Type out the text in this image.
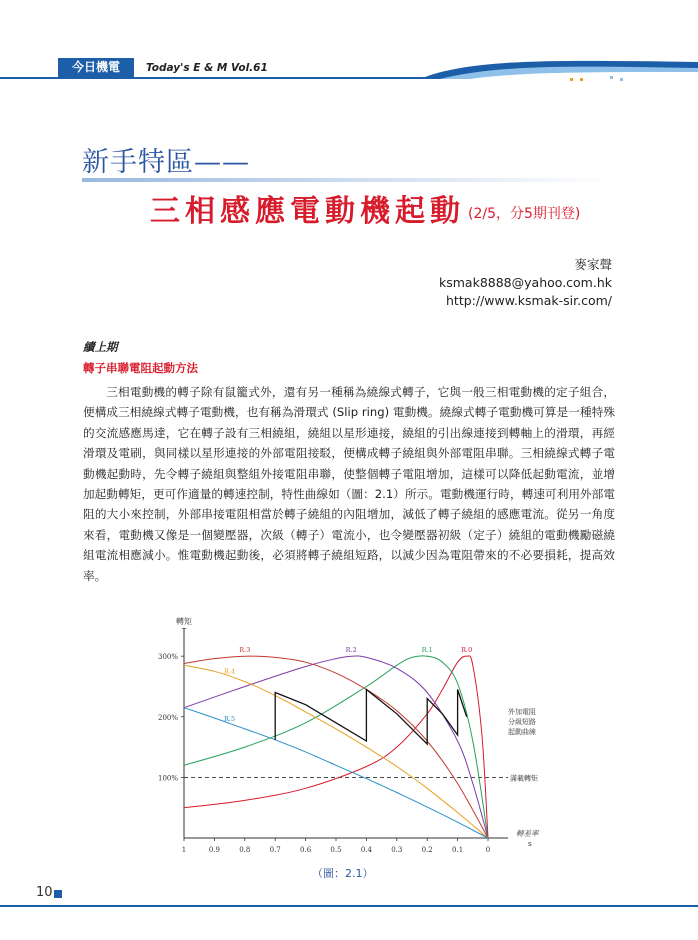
今日機電	Today's E & M Vol.61
新手特區——
三相感應電動機起動 (2/5，分5期刊登)
麥家聲
ksmak8888@yahoo.com.hk
http://www.ksmak-sir.com/
續上期
轉子串聯電阻起動方法

三相電動機的轉子除有鼠籠式外，還有另一種稱為繞線式轉子，它與一般三相電動機的定子組合，便構成三相繞線式轉子電動機，也有稱為滑環式 (Slip ring) 電動機。繞線式轉子電動機可算是一種特殊的交流感應馬達，它在轉子設有三相繞組，繞組以星形連接，繞組的引出線連接到轉軸上的滑環，再經滑環及電刷，與同樣以星形連接的外部電阻接駁，便構成轉子繞組與外部電阻串聯。三相繞線式轉子電動機起動時，先令轉子繞組與整組外接電阻串聯，使整個轉子電阻增加，這樣可以降低起動電流，並增加起動轉矩，更可作適量的轉速控制，特性曲線如（圖：2.1）所示。電動機運行時，轉速可利用外部電阻的大小來控制，外部串接電阻相當於轉子繞組的內阻增加，減低了轉子繞組的感應電流。從另一角度來看，電動機又像是一個變壓器，次級（轉子）電流小，也令變壓器初級（定子）繞組的電動機勵磁繞組電流相應減小。惟電動機起動後，必須將轉子繞組短路，以減少因為電阻帶來的不必要損耗，提高效率。

轉矩
T
100%
200%
300%
1	0.9	0.8	0.7	0.6	0.5	0.4	0.3	0.2	0.1	0
轉差率
s
滿載轉矩
R.0
R.1
R.2
R.3
R.4
R.5
外加電阻
分級短路
起動曲線
（圖：2.1）
10
